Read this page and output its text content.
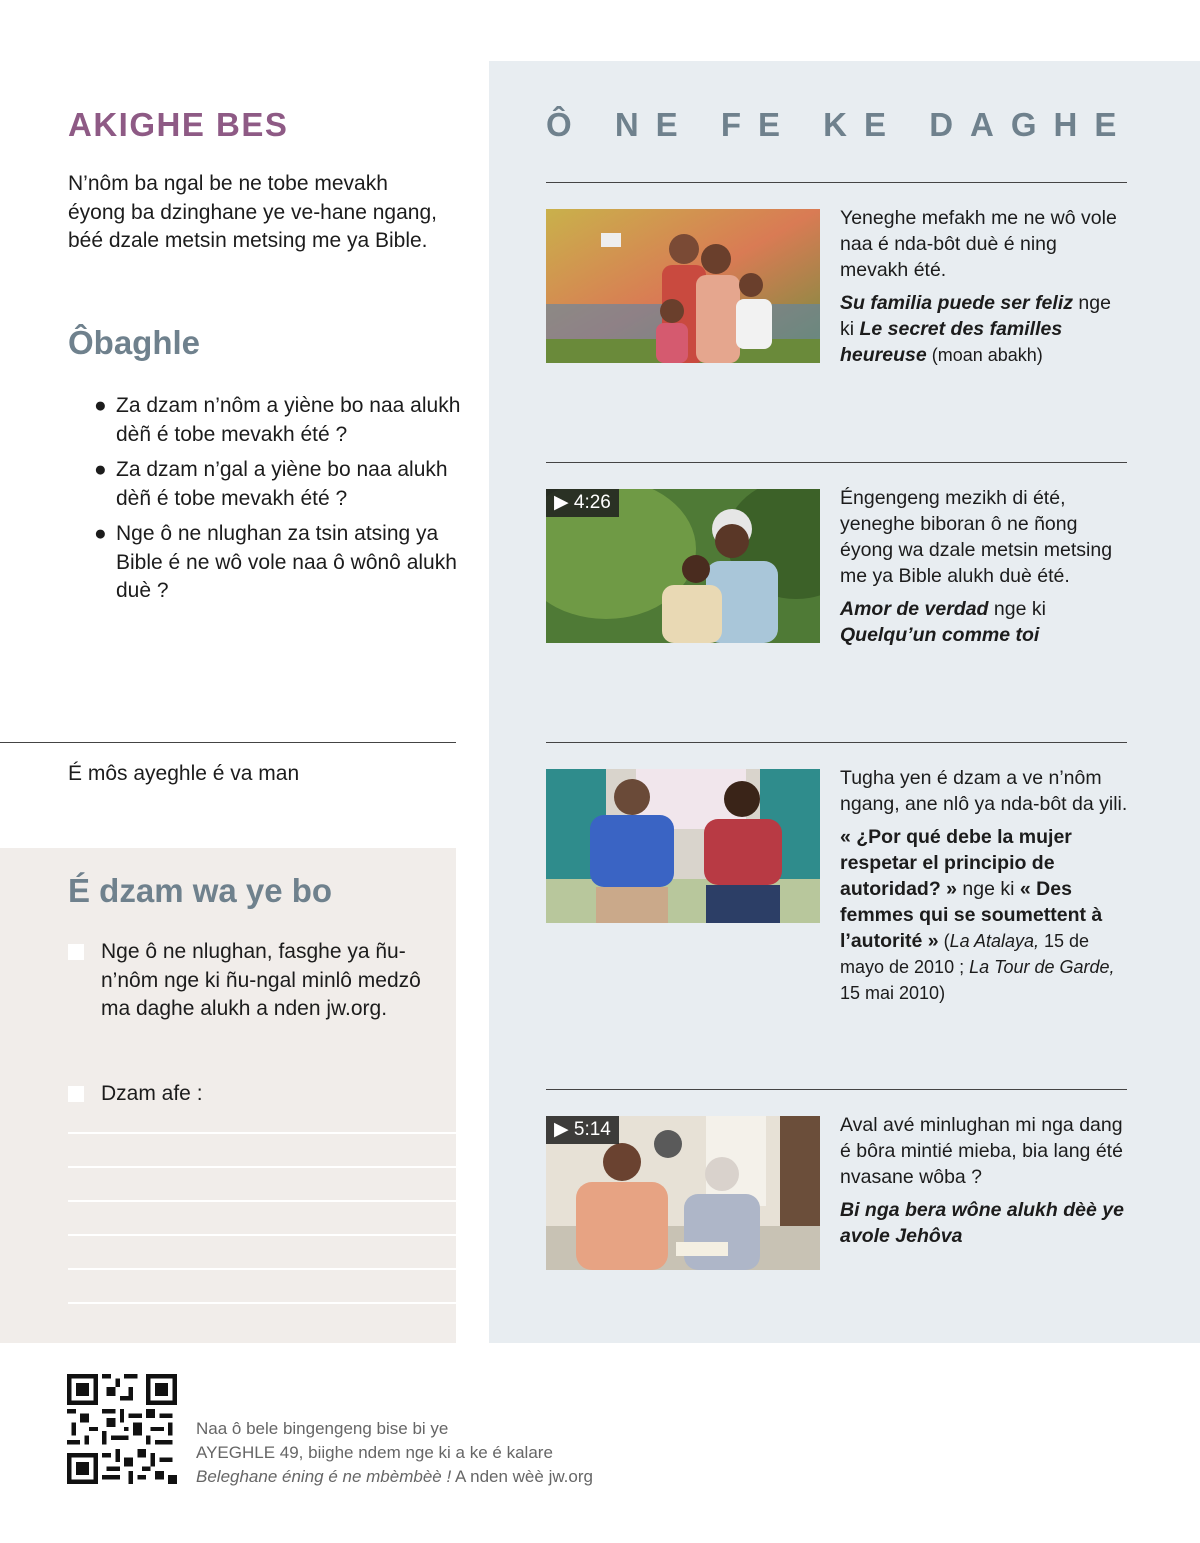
AKIGHE BES

N’nôm ba ngal be ne tobe mevakh éyong ba dzinghane ye ve-hane ngang, béé dzale metsin metsing me ya Bible.

Ôbaghle
● Za dzam n’nôm a yiène bo naa alukh dèñ é tobe mevakh été ?
● Za dzam n’gal a yiène bo naa alukh dèñ é tobe mevakh été ?
● Nge ô ne nlughan za tsin atsing ya Bible é ne wô vole naa ô wônô alukh duè ?
É môs ayeghle é va man
É dzam wa ye bo
Nge ô ne nlughan, fasghe ya ñu-n’nôm nge ki ñu-ngal minlô medzô ma daghe alukh a nden jw.org.
Dzam afe :
Ô NE FE KE DAGHE

Yeneghe mefakh me ne wô vole naa é nda-bôt duè é ning mevakh été.

Su familia puede ser feliz nge ki Le secret des familles heureuse (moan abakh)

▶ 4:26	Éngengeng mezikh di été, yeneghe biboran ô ne ñong éyong wa dzale metsin metsing me ya Bible alukh duè été.

Amor de verdad nge ki Quelqu’un comme toi

Tugha yen é dzam a ve n’nôm ngang, ane nlô ya nda-bôt da yili.

« ¿Por qué debe la mujer respetar el principio de autoridad? » nge ki « Des femmes qui se soumettent à l’autorité » (La Atalaya, 15 de mayo de 2010 ; La Tour de Garde, 15 mai 2010)

▶ 5:14	Aval avé minlughan mi nga dang é bôra mintié mieba, bia lang été nvasane wôba ?

Bi nga bera wône alukh dèè ye avole Jehôva

Naa ô bele bingengeng bise bi ye
AYEGHLE 49, biighe ndem nge ki a ke é kalare
Beleghane éning é ne mbèmbèè ! A nden wèè jw.org
